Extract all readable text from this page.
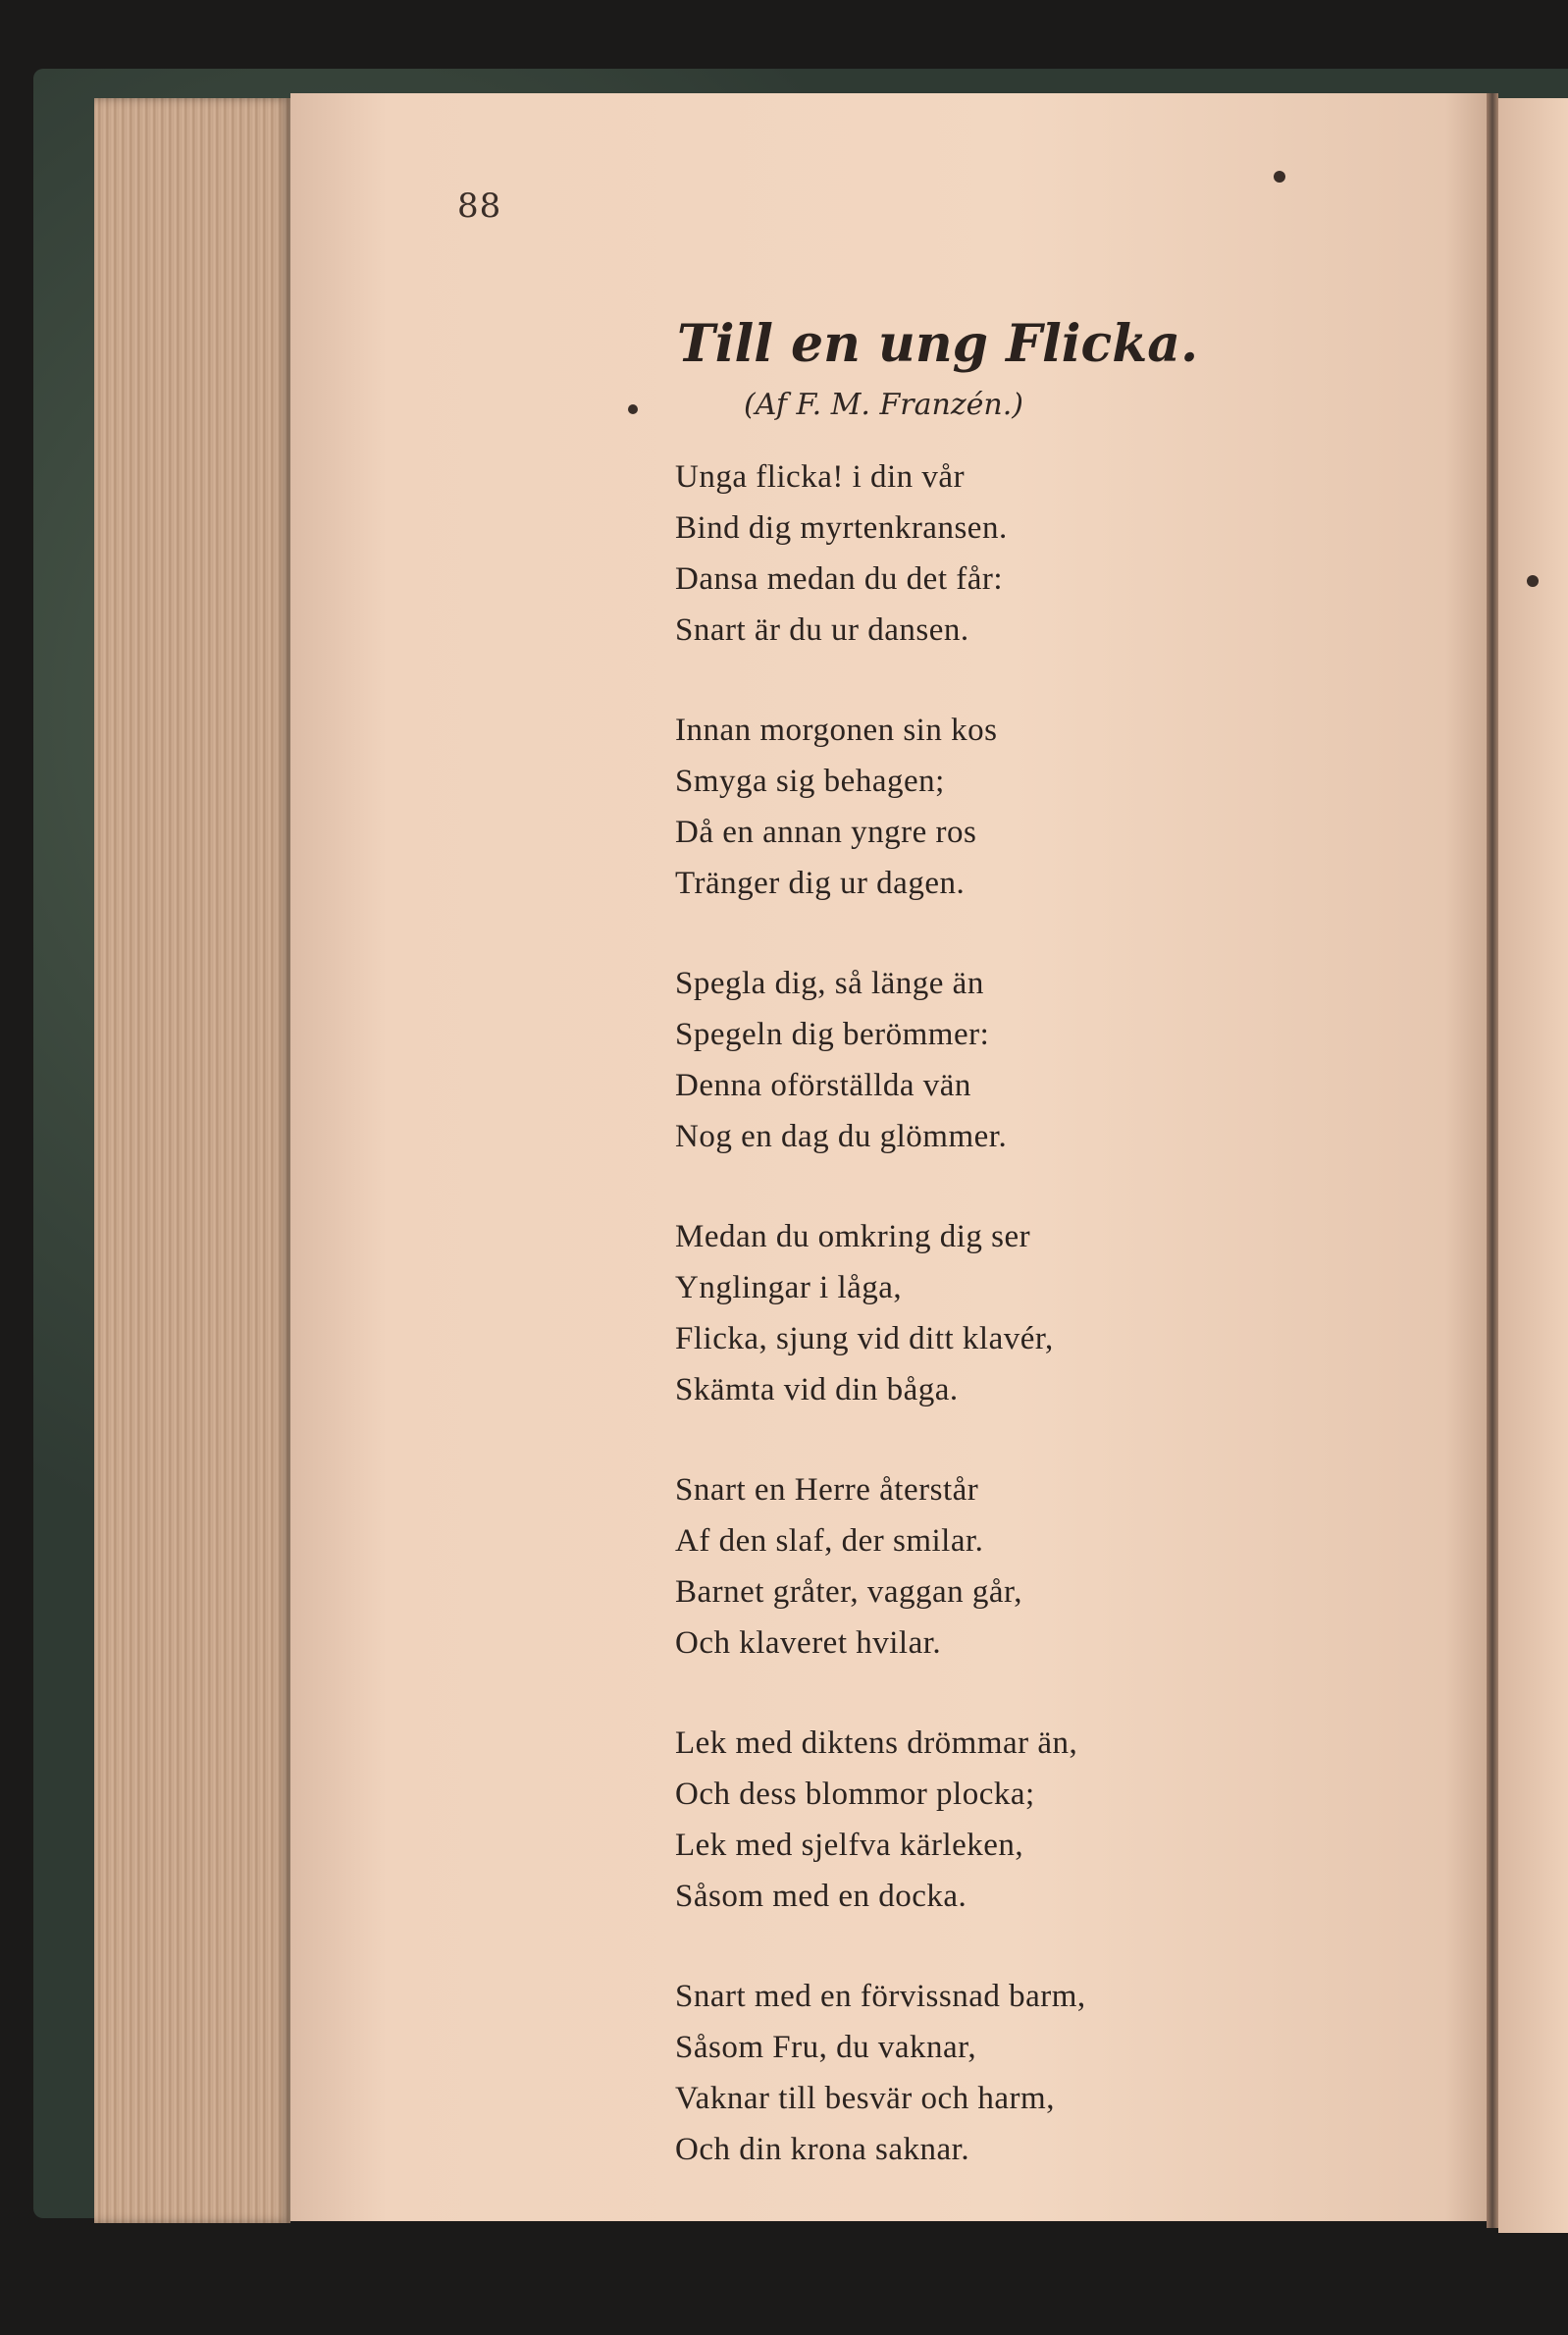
88
Till en ung Flicka.
(Af F. M. Franzén.)
Unga flicka! i din vår
Bind dig myrtenkransen.
Dansa medan du det får:
Snart är du ur dansen.
Innan morgonen sin kos
Smyga sig behagen;
Då en annan yngre ros
Tränger dig ur dagen.
Spegla dig, så länge än
Spegeln dig berömmer:
Denna oförställda vän
Nog en dag du glömmer.
Medan du omkring dig ser
Ynglingar i låga,
Flicka, sjung vid ditt klavér,
Skämta vid din båga.
Snart en Herre återstår
Af den slaf, der smilar.
Barnet gråter, vaggan går,
Och klaveret hvilar.
Lek med diktens drömmar än,
Och dess blommor plocka;
Lek med sjelfva kärleken,
Såsom med en docka.
Snart med en förvissnad barm,
Såsom Fru, du vaknar,
Vaknar till besvär och harm,
Och din krona saknar.
